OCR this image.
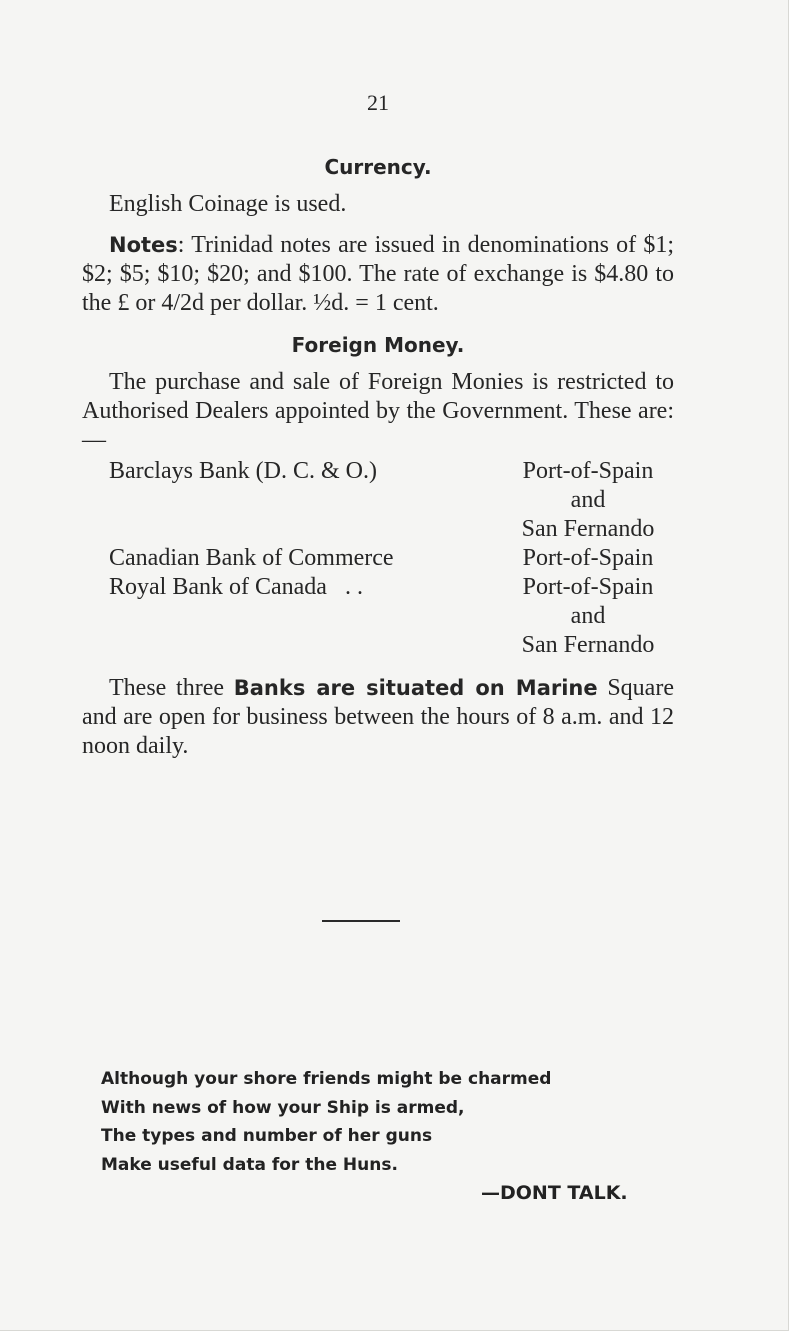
21

Currency.

English Coinage is used.

Notes: Trinidad notes are issued in denominations of $1; $2; $5; $10; $20; and $100. The rate of exchange is $4.80 to the £ or 4/2d per dollar. ½d. = 1 cent.

Foreign Money.

The purchase and sale of Foreign Monies is restricted to Authorised Dealers appointed by the Government. These are:—

Barclays Bank (D. C. & O.)	Port-of-Spain
and
San Fernando
Canadian Bank of Commerce	Port-of-Spain
Royal Bank of Canada   . .	Port-of-Spain
and
San Fernando

These three Banks are situated on Marine Square and are open for business between the hours of 8 a.m. and 12 noon daily.

Although your shore friends might be charmed
With news of how your Ship is armed,
The types and number of her guns
Make useful data for the Huns.
—DONT TALK.
